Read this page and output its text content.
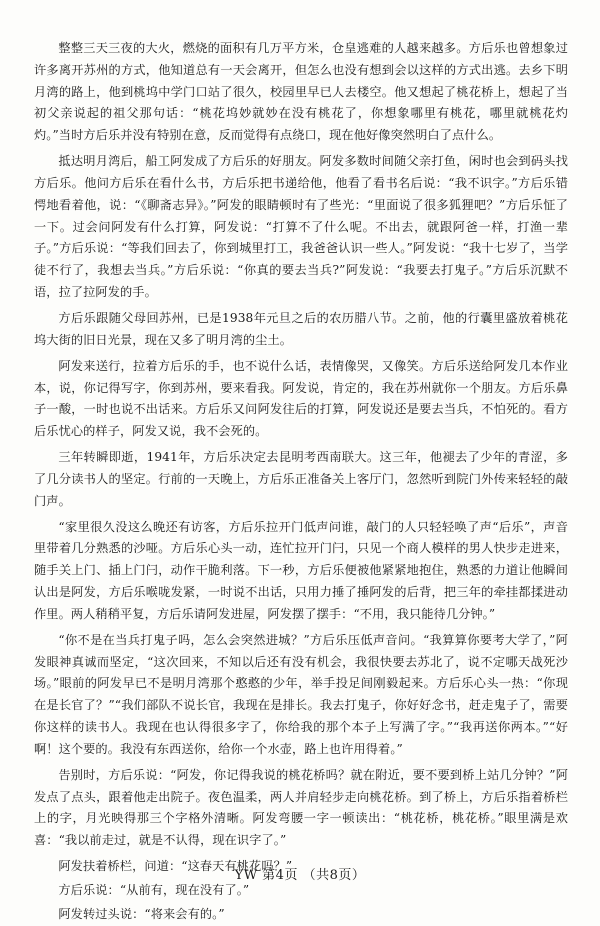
整整三天三夜的大火，燃烧的面积有几万平方米，仓皇逃难的人越来越多。方后乐也曾想象过许多离开苏州的方式，他知道总有一天会离开，但怎么也没有想到会以这样的方式出逃。去乡下明月湾的路上，他到桃坞中学门口站了很久，校园里早已人去楼空。他又想起了桃花桥上，想起了当初父亲说起的祖父那句话：“桃花坞妙就妙在没有桃花了，你想象哪里有桃花，哪里就桃花灼灼。”当时方后乐并没有特别在意，反而觉得有点绕口，现在他好像突然明白了点什么。

抵达明月湾后，船工阿发成了方后乐的好朋友。阿发多数时间随父亲打鱼，闲时也会到码头找方后乐。他问方后乐在看什么书，方后乐把书递给他，他看了看书名后说：“我不识字。”方后乐错愕地看着他，说：“《聊斋志异》。”阿发的眼睛顿时有了些光：“里面说了很多狐狸吧？”方后乐怔了一下。过会问阿发有什么打算，阿发说：“打算不了什么呢。不出去，就跟阿爸一样，打渔一辈子。”方后乐说：“等我们回去了，你到城里打工，我爸爸认识一些人。”阿发说：“我十七岁了，当学徒不行了，我想去当兵。”方后乐说：“你真的要去当兵?”阿发说：“我要去打鬼子。”方后乐沉默不语，拉了拉阿发的手。

方后乐跟随父母回苏州，已是1938年元旦之后的农历腊八节。之前，他的行囊里盛放着桃花坞大街的旧日光景，现在又多了明月湾的尘土。

阿发来送行，拉着方后乐的手，也不说什么话，表情像哭，又像笑。方后乐送给阿发几本作业本，说，你记得写字，你到苏州，要来看我。阿发说，肯定的，我在苏州就你一个朋友。方后乐鼻子一酸，一时也说不出话来。方后乐又问阿发往后的打算，阿发说还是要去当兵，不怕死的。看方后乐忧心的样子，阿发又说，我不会死的。

三年转瞬即逝，1941年，方后乐决定去昆明考西南联大。这三年，他褪去了少年的青涩，多了几分读书人的坚定。行前的一天晚上，方后乐正准备关上客厅门，忽然听到院门外传来轻轻的敲门声。

“家里很久没这么晚还有访客，方后乐拉开门低声问谁，敲门的人只轻轻唤了声“后乐”，声音里带着几分熟悉的沙哑。方后乐心头一动，连忙拉开门闩，只见一个商人模样的男人快步走进来，随手关上门、插上门闩，动作干脆利落。下一秒，方后乐便被他紧紧地抱住，熟悉的力道让他瞬间认出是阿发，方后乐喉咙发紧，一时说不出话，只用力捶了捶阿发的后背，把三年的牵挂都揉进动作里。两人稍稍平复，方后乐请阿发进屋，阿发摆了摆手：“不用，我只能待几分钟。”

“你不是在当兵打鬼子吗，怎么会突然进城？”方后乐压低声音问。“我算算你要考大学了，”阿发眼神真诚而坚定，“这次回来，不知以后还有没有机会，我很快要去苏北了，说不定哪天战死沙场。”眼前的阿发早已不是明月湾那个憨憨的少年，举手投足间刚毅起来。方后乐心头一热：“你现在是长官了？”“我们部队不说长官，我现在是排长。我去打鬼子，你好好念书，赶走鬼子了，需要你这样的读书人。我现在也认得很多字了，你给我的那个本子上写满了字。”“我再送你两本。”“好啊！这个要的。我没有东西送你，给你一个水壶，路上也许用得着。”

告别时，方后乐说：“阿发，你记得我说的桃花桥吗？就在附近，要不要到桥上站几分钟？”阿发点了点头，跟着他走出院子。夜色温柔，两人并肩轻步走向桃花桥。到了桥上，方后乐指着桥栏上的字，月光映得那三个字格外清晰。阿发弯腰一字一顿读出：“桃花桥，桃花桥。”眼里满是欢喜：“我以前走过，就是不认得，现在识字了。”

阿发扶着桥栏，问道：“这春天有桃花吗？”

方后乐说：“从前有，现在没有了。”

阿发转过头说：“将来会有的。”

YW 第4页 （共8页）
